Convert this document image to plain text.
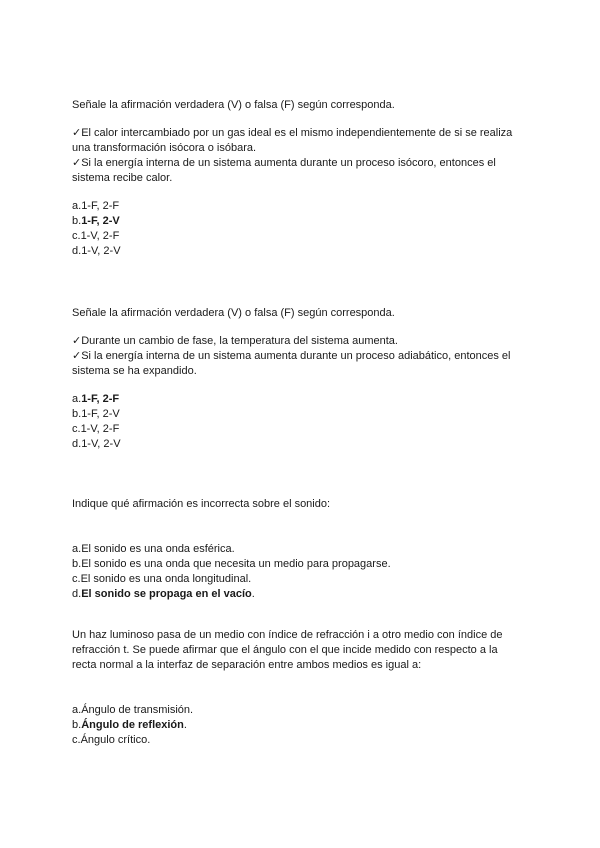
Señale la afirmación verdadera (V) o falsa (F) según corresponda.
✓El calor intercambiado por un gas ideal es el mismo independientemente de si se realiza
una transformación isócora o isóbara.
✓Si la energía interna de un sistema aumenta durante un proceso isócoro, entonces el
sistema recibe calor.
a.1-F, 2-F
b.1-F, 2-V
c.1-V, 2-F
d.1-V, 2-V
Señale la afirmación verdadera (V) o falsa (F) según corresponda.
✓Durante un cambio de fase, la temperatura del sistema aumenta.
✓Si la energía interna de un sistema aumenta durante un proceso adiabático, entonces el
sistema se ha expandido.
a.1-F, 2-F
b.1-F, 2-V
c.1-V, 2-F
d.1-V, 2-V
Indique qué afirmación es incorrecta sobre el sonido:
a.El sonido es una onda esférica.
b.El sonido es una onda que necesita un medio para propagarse.
c.El sonido es una onda longitudinal.
d.El sonido se propaga en el vacío.
Un haz luminoso pasa de un medio con índice de refracción i a otro medio con índice de
refracción t. Se puede afirmar que el ángulo con el que incide medido con respecto a la
recta normal a la interfaz de separación entre ambos medios es igual a:
a.Ángulo de transmisión.
b.Ángulo de reflexión.
c.Ángulo crítico.
